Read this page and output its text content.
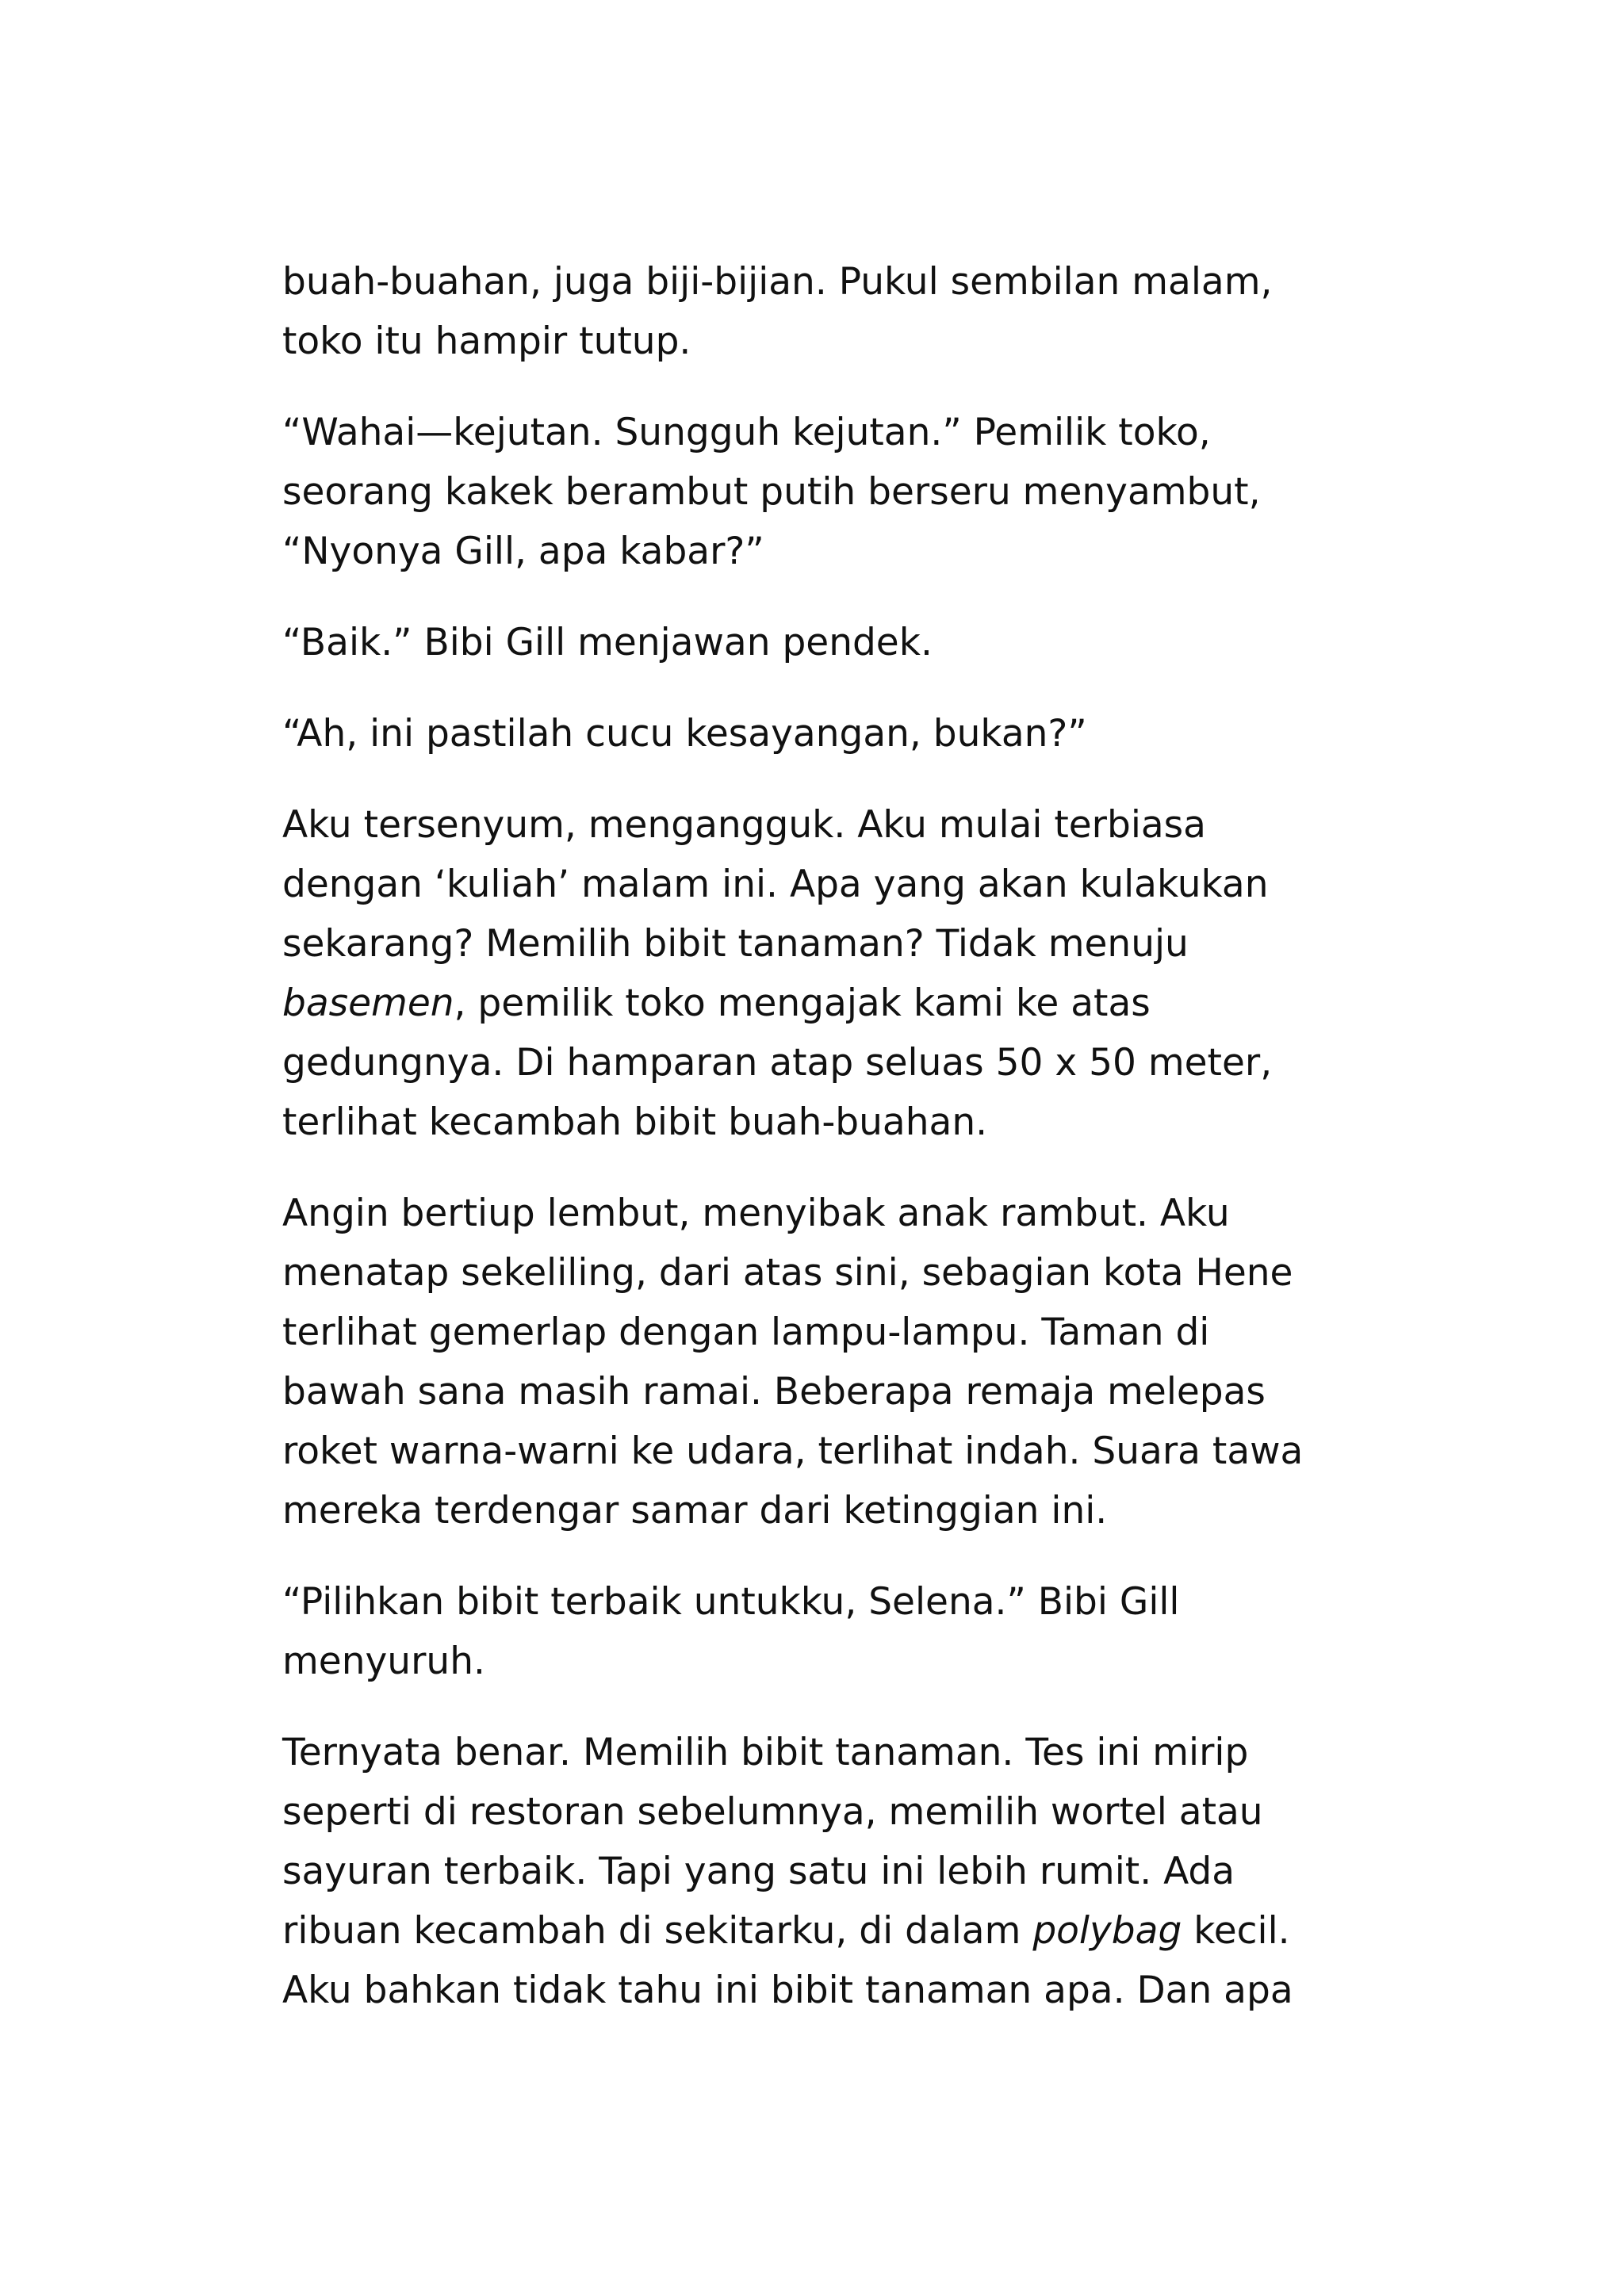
buah-buahan, juga biji-bijian. Pukul sembilan malam,
toko itu hampir tutup.

“Wahai—kejutan. Sungguh kejutan.” Pemilik toko,
seorang kakek berambut putih berseru menyambut,
“Nyonya Gill, apa kabar?”

“Baik.” Bibi Gill menjawan pendek.

“Ah, ini pastilah cucu kesayangan, bukan?”

Aku tersenyum, mengangguk. Aku mulai terbiasa
dengan ‘kuliah’ malam ini. Apa yang akan kulakukan
sekarang? Memilih bibit tanaman? Tidak menuju
basemen, pemilik toko mengajak kami ke atas
gedungnya. Di hamparan atap seluas 50 x 50 meter,
terlihat kecambah bibit buah-buahan.

Angin bertiup lembut, menyibak anak rambut. Aku
menatap sekeliling, dari atas sini, sebagian kota Hene
terlihat gemerlap dengan lampu-lampu. Taman di
bawah sana masih ramai. Beberapa remaja melepas
roket warna-warni ke udara, terlihat indah. Suara tawa
mereka terdengar samar dari ketinggian ini.

“Pilihkan bibit terbaik untukku, Selena.” Bibi Gill
menyuruh.

Ternyata benar. Memilih bibit tanaman. Tes ini mirip
seperti di restoran sebelumnya, memilih wortel atau
sayuran terbaik. Tapi yang satu ini lebih rumit. Ada
ribuan kecambah di sekitarku, di dalam polybag kecil.
Aku bahkan tidak tahu ini bibit tanaman apa. Dan apa
